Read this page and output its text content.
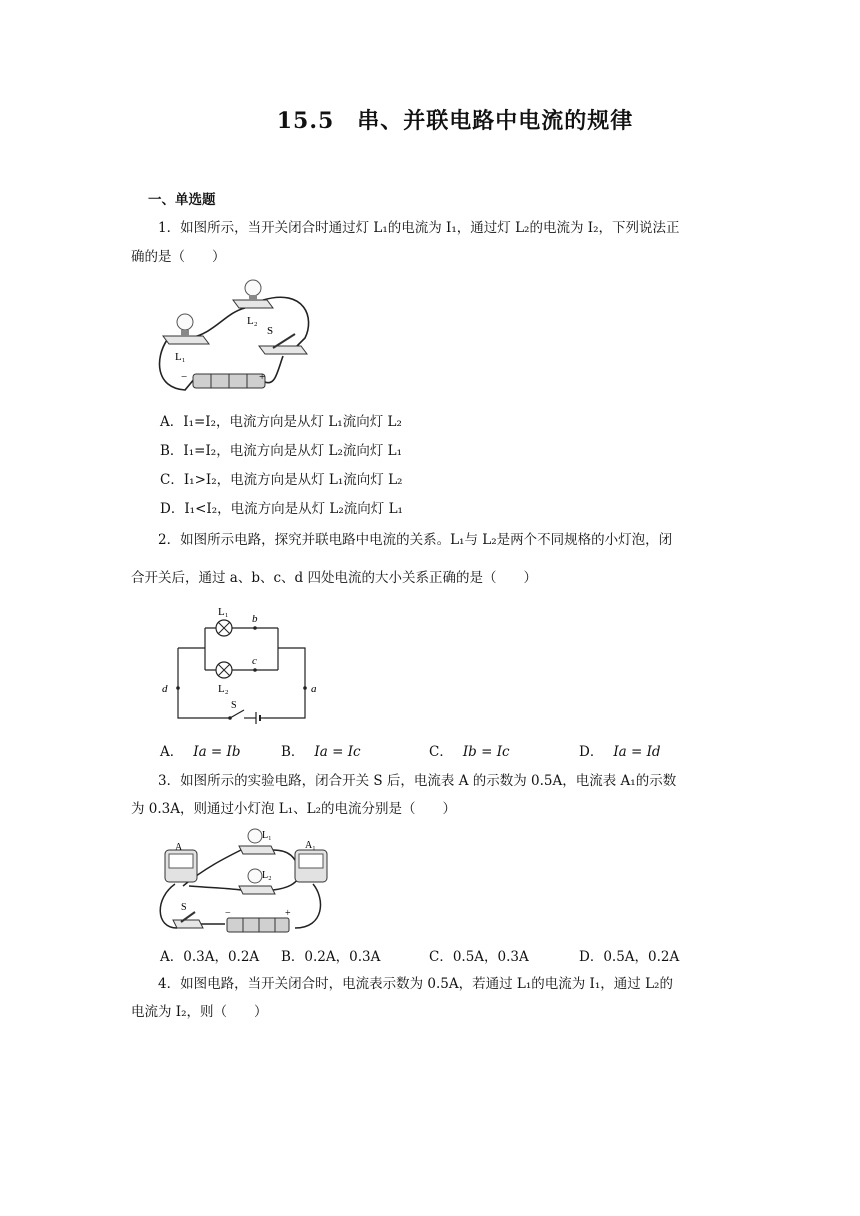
15.5　串、并联电路中电流的规律
一、单选题
1．如图所示，当开关闭合时通过灯 L₁的电流为 I₁，通过灯 L₂的电流为 I₂，下列说法正
确的是（　　）
L₁
L₂
S
−	+
A．I₁=I₂，电流方向是从灯 L₁流向灯 L₂
B．I₁=I₂，电流方向是从灯 L₂流向灯 L₁
C．I₁>I₂，电流方向是从灯 L₁流向灯 L₂
D．I₁<I₂，电流方向是从灯 L₂流向灯 L₁
2．如图所示电路，探究并联电路中电流的关系。L₁与 L₂是两个不同规格的小灯泡，闭
合开关后，通过 a、b、c、d 四处电流的大小关系正确的是（　　）
L₁
L₂
b
c
d	a
S
A． Ia = Ib	B． Ia = Ic	C． Ib = Ic	D． Ia = Id
3．如图所示的实验电路，闭合开关 S 后，电流表 A 的示数为 0.5A，电流表 A₁的示数
为 0.3A，则通过小灯泡 L₁、L₂的电流分别是（　　）
A	A₁
L₁
L₂
S
−	+
A．0.3A，0.2A B．0.2A，0.3A	C．0.5A，0.3A	D．0.5A，0.2A
4．如图电路，当开关闭合时，电流表示数为 0.5A，若通过 L₁的电流为 I₁，通过 L₂的
电流为 I₂，则（　　）
